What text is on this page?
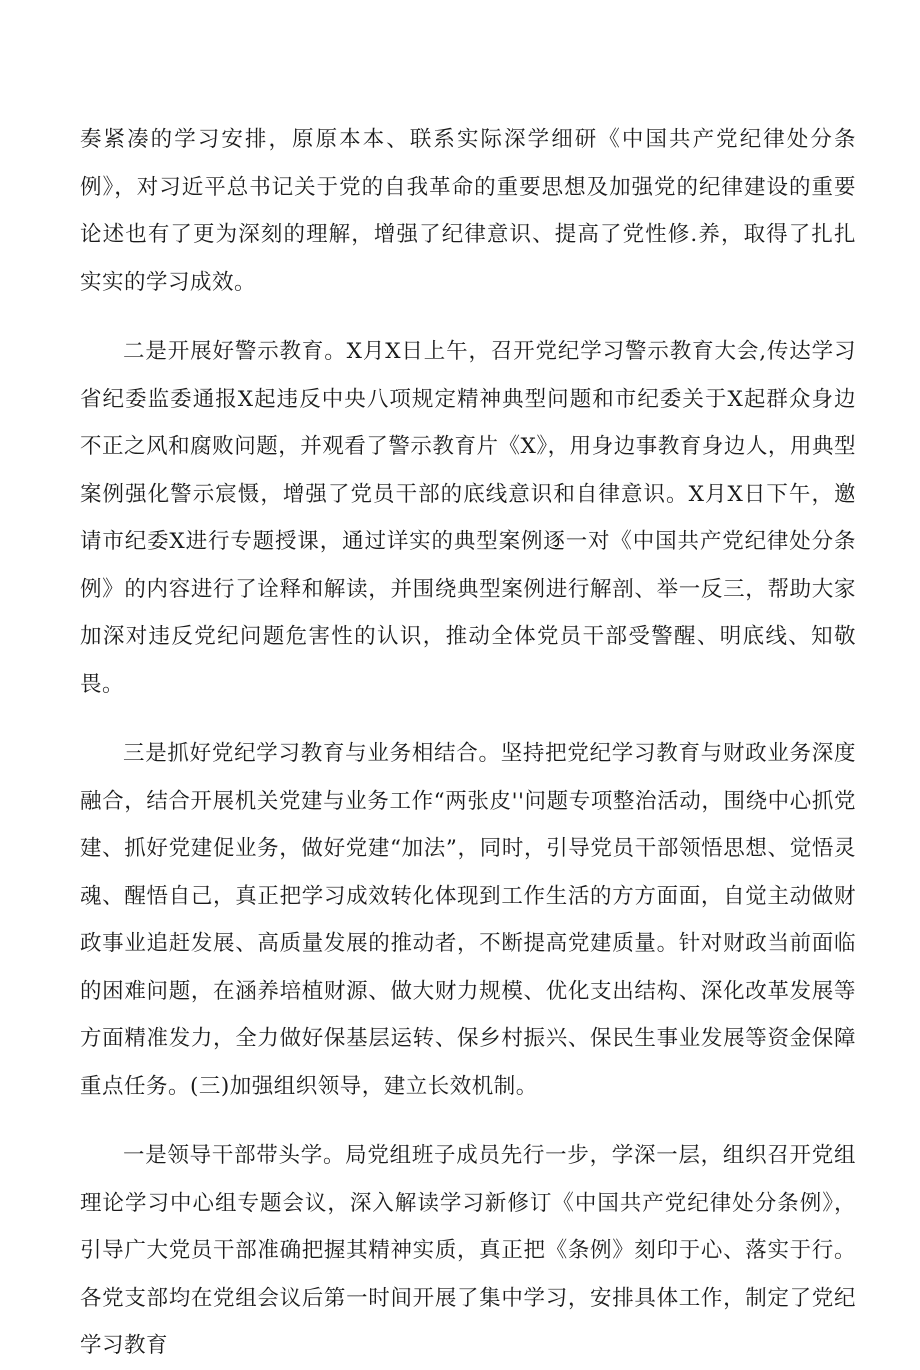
奏紧凑的学习安排，原原本本、联系实际深学细研《中国共产党纪律处分条例》，对习近平总书记关于党的自我革命的重要思想及加强党的纪律建设的重要论述也有了更为深刻的理解，增强了纪律意识、提高了党性修.养，取得了扎扎实实的学习成效。

二是开展好警示教育。X月X日上午，召开党纪学习警示教育大会,传达学习省纪委监委通报X起违反中央八项规定精神典型问题和市纪委关于X起群众身边不正之风和腐败问题，并观看了警示教育片《X》，用身边事教育身边人，用典型案例强化警示宸慑，增强了党员干部的底线意识和自律意识。X月X日下午，邀请市纪委X进行专题授课，通过详实的典型案例逐一对《中国共产党纪律处分条例》的内容进行了诠释和解读，并围绕典型案例进行解剖、举一反三，帮助大家加深对违反党纪问题危害性的认识，推动全体党员干部受警醒、明底线、知敬畏。

三是抓好党纪学习教育与业务相结合。坚持把党纪学习教育与财政业务深度融合，结合开展机关党建与业务工作“两张皮''问题专项整治活动，围绕中心抓党建、抓好党建促业务，做好党建“加法”，同时，引导党员干部领悟思想、觉悟灵魂、醒悟自己，真正把学习成效转化体现到工作生活的方方面面，自觉主动做财政事业追赶发展、高质量发展的推动者，不断提高党建质量。针对财政当前面临的困难问题，在涵养培植财源、做大财力规模、优化支出结构、深化改革发展等方面精准发力，全力做好保基层运转、保乡村振兴、保民生事业发展等资金保障重点任务。(三)加强组织领导，建立长效机制。

一是领导干部带头学。局党组班子成员先行一步，学深一层，组织召开党组理论学习中心组专题会议，深入解读学习新修订《中国共产党纪律处分条例》，引导广大党员干部准确把握其精神实质，真正把《条例》刻印于心、落实于行。各党支部均在党组会议后第一时间开展了集中学习，安排具体工作，制定了党纪学习教育
